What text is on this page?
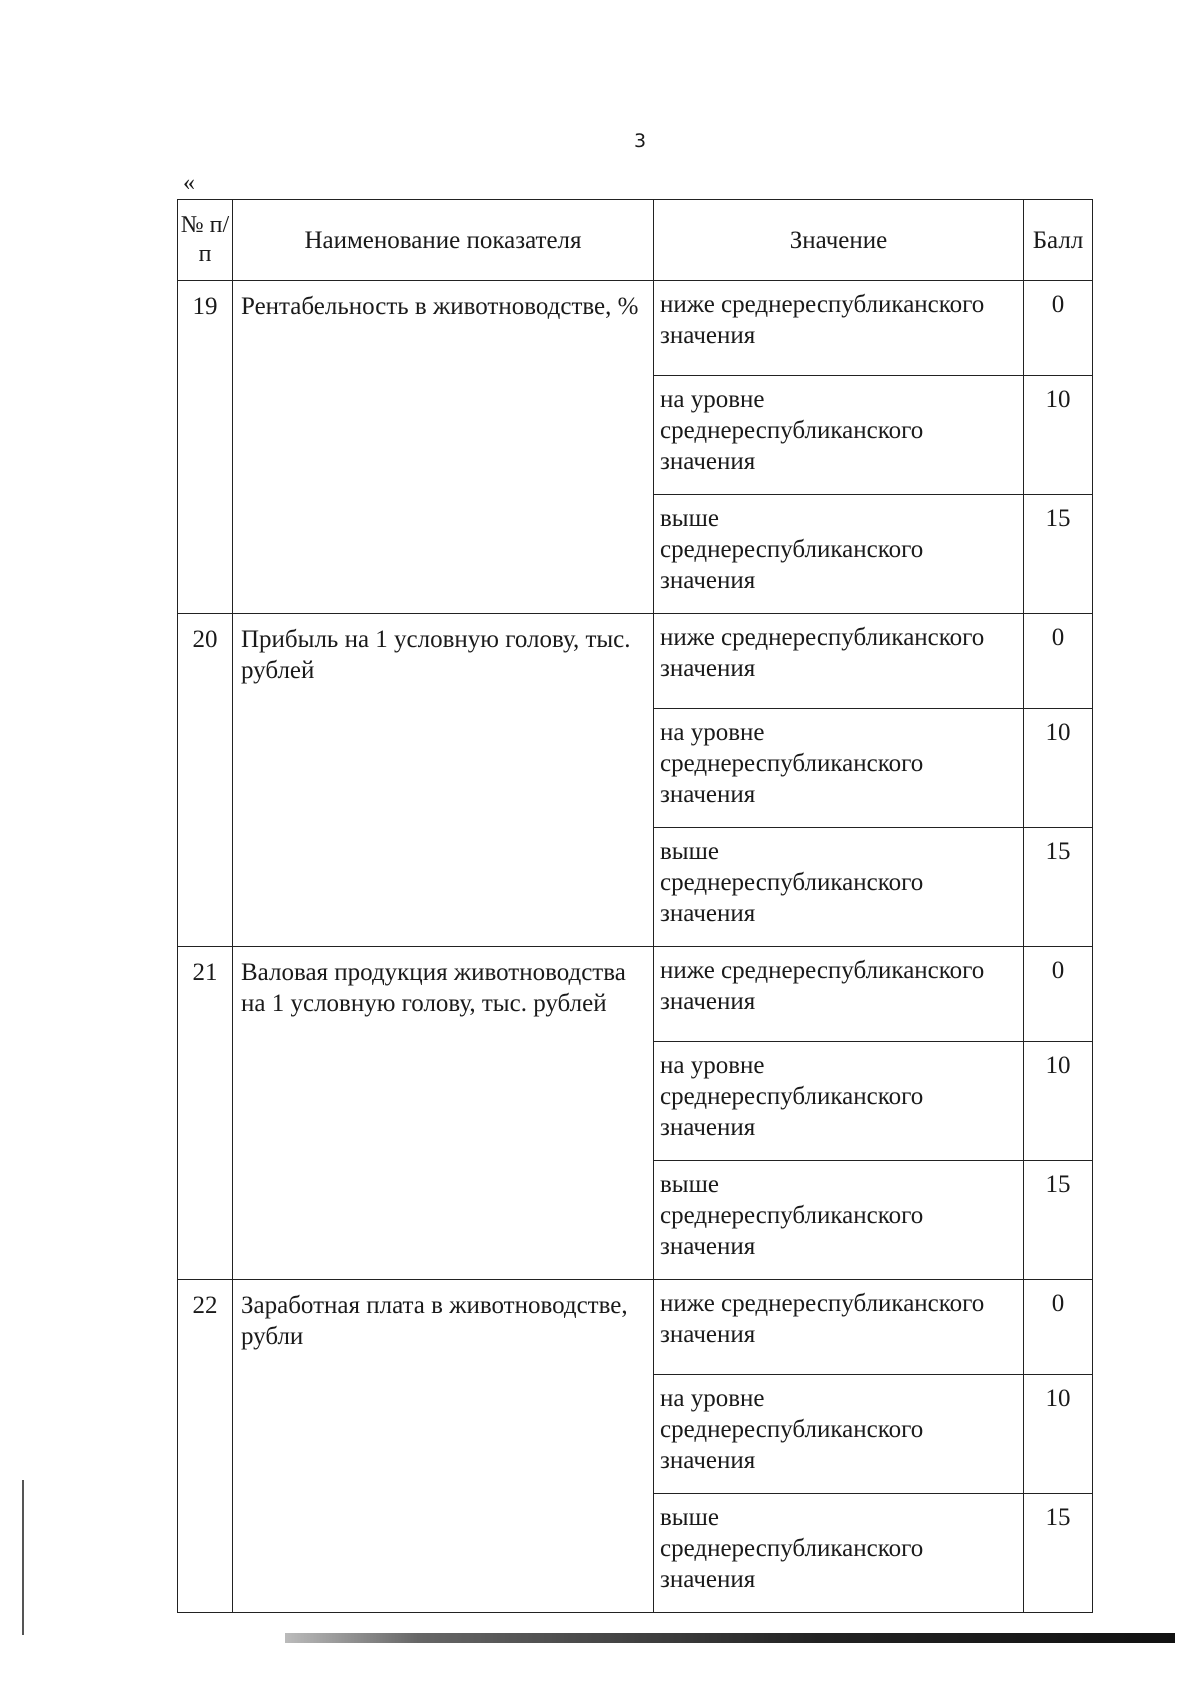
3
«
№ п/п	Наименование показателя	Значение	Балл
19	Рентабельность в животноводстве, %	ниже среднереспубликанского
значения	0

		на уровне
среднереспубликанского
значения	10

		выше
среднереспубликанского
значения	15
20	Прибыль на 1 условную голову, тыс. рублей	ниже среднереспубликанского
значения	0

		на уровне
среднереспубликанского
значения	10

		выше
среднереспубликанского
значения	15
21	Валовая продукция животноводства на 1 условную голову, тыс. рублей	ниже среднереспубликанского
значения	0

		на уровне
среднереспубликанского
значения	10

		выше
среднереспубликанского
значения	15
22	Заработная плата в животноводстве, рубли	ниже среднереспубликанского
значения	0

		на уровне
среднереспубликанского
значения	10

		выше
среднереспубликанского
значения	15
